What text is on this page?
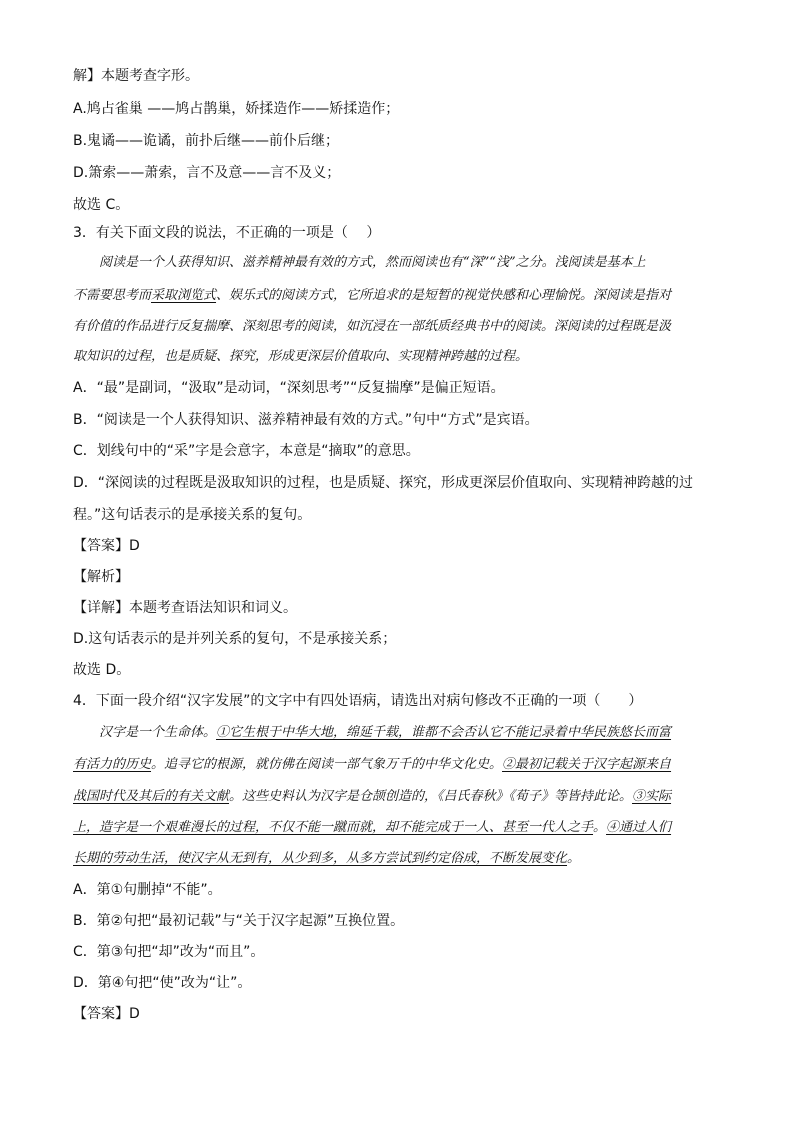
解】本题考查字形。
A.鸠占雀巢 ——鸠占鹊巢，娇揉造作——矫揉造作；
B.鬼谲——诡谲，前扑后继——前仆后继；
D.箫索——萧索，言不及意——言不及义；
故选 C。
3．有关下面文段的说法，不正确的一项是（　 ）
阅读是一个人获得知识、滋养精神最有效的方式，然而阅读也有“深”“浅”之分。浅阅读是基本上
不需要思考而采取浏览式、娱乐式的阅读方式，它所追求的是短暂的视觉快感和心理愉悦。深阅读是指对
有价值的作品进行反复揣摩、深刻思考的阅读，如沉浸在一部纸质经典书中的阅读。深阅读的过程既是汲
取知识的过程，也是质疑、探究，形成更深层价值取向、实现精神跨越的过程。
A．“最”是副词，“汲取”是动词，“深刻思考”“反复揣摩”是偏正短语。
B．“阅读是一个人获得知识、滋养精神最有效的方式。”句中“方式”是宾语。
C．划线句中的“采”字是会意字，本意是“摘取”的意思。
D．“深阅读的过程既是汲取知识的过程，也是质疑、探究，形成更深层价值取向、实现精神跨越的过
程。”这句话表示的是承接关系的复句。
【答案】D
【解析】
【详解】本题考查语法知识和词义。
D.这句话表示的是并列关系的复句，不是承接关系；
故选 D。
4．下面一段介绍“汉字发展”的文字中有四处语病，请选出对病句修改不正确的一项（　　）
汉字是一个生命体。①它生根于中华大地，绵延千载，谁都不会否认它不能记录着中华民族悠长而富
有活力的历史。追寻它的根源，就仿佛在阅读一部气象万千的中华文化史。②最初记载关于汉字起源来自
战国时代及其后的有关文献。这些史料认为汉字是仓颉创造的，《吕氏春秋》《荀子》等皆持此论。③实际
上，造字是一个艰难漫长的过程，不仅不能一蹴而就，却不能完成于一人、甚至一代人之手。④通过人们
长期的劳动生活，使汉字从无到有，从少到多，从多方尝试到约定俗成，不断发展变化。
A．第①句删掉“不能”。
B．第②句把“最初记载”与“关于汉字起源”互换位置。
C．第③句把“却”改为“而且”。
D．第④句把“使”改为“让”。
【答案】D
